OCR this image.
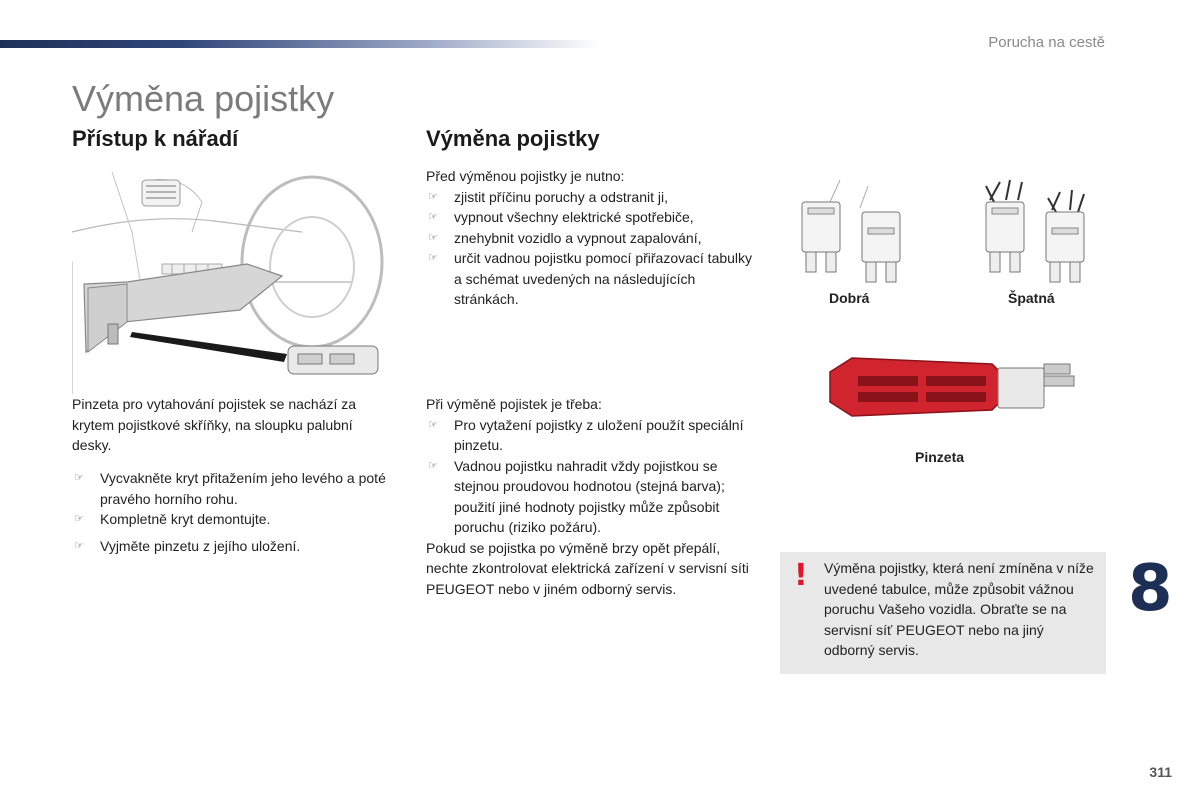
Porucha na cestě
Výměna pojistky
Přístup k nářadí
Pinzeta pro vytahování pojistek se nachází za krytem pojistkové skříňky, na sloupku palubní desky.
☞ Vycvakněte kryt přitažením jeho levého a poté pravého horního rohu.
☞ Kompletně kryt demontujte.
☞ Vyjměte pinzetu z jejího uložení.
Výměna pojistky
Před výměnou pojistky je nutno:
☞ zjistit příčinu poruchy a odstranit ji,
☞ vypnout všechny elektrické spotřebiče,
☞ znehybnit vozidlo a vypnout zapalování,
☞ určit vadnou pojistku pomocí přiřazovací tabulky a schémat uvedených na následujících stránkách.
Při výměně pojistek je třeba:
☞ Pro vytažení pojistky z uložení použít speciální pinzetu.
☞ Vadnou pojistku nahradit vždy pojistkou se stejnou proudovou hodnotou (stejná barva); použití jiné hodnoty pojistky může způsobit poruchu (riziko požáru).
Pokud se pojistka po výměně brzy opět přepálí, nechte zkontrolovat elektrická zařízení v servisní síti PEUGEOT nebo v jiném odborný servis.
Dobrá	Špatná
Pinzeta
! Výměna pojistky, která není zmíněna v níže uvedené tabulce, může způsobit vážnou poruchu Vašeho vozidla. Obraťte se na servisní síť PEUGEOT nebo na jiný odborný servis.
8
311
